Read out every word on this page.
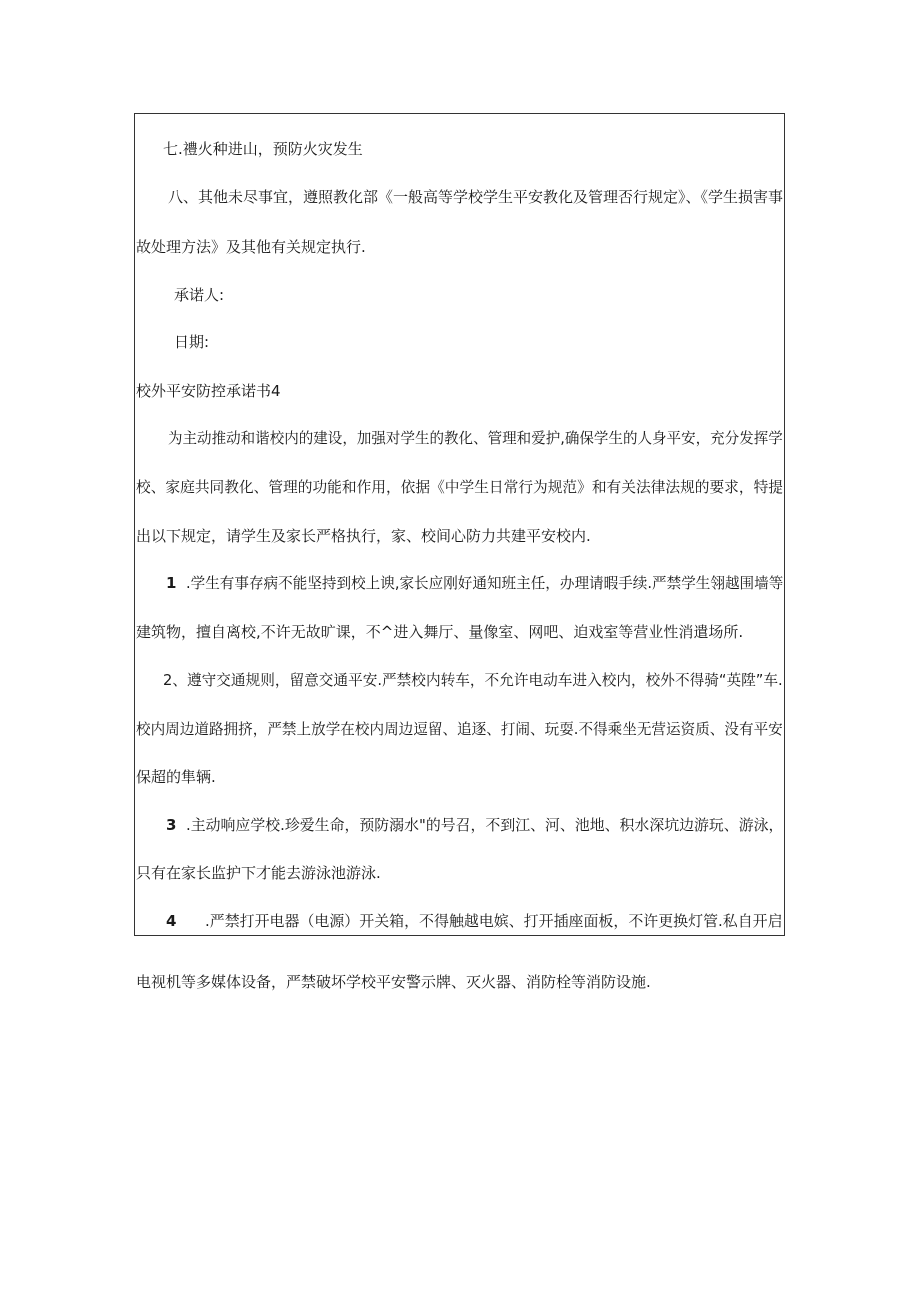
七.禮火种进山，预防火灾发生
八、其他未尽事宜，遵照教化部《一般高等学校学生平安教化及管理否行规定》、《学生损害事
故处理方法》及其他有关规定执行.
承诺人:
日期:
校外平安防控承诺书4
为主动推动和谐校内的建设，加强对学生的教化、管理和爱护,确保学生的人身平安，充分发挥学
校、家庭共同教化、管理的功能和作用，依据《中学生日常行为规范》和有关法律法规的要求，特提
出以下规定，请学生及家长严格执行，家、校间心防力共建平安校内.
1 .学生有事存病不能坚持到校上谀,家长应刚好通知班主任，办理请暇手续.严禁学生翎越围墙等
建筑物，擅自离校,不许无故旷课，不^进入舞厅、量像室、网吧、迫戏室等营业性消遣场所.
2、遵守交通规则，留意交通平安.严禁校内转车，不允许电动车进入校内，校外不得骑“英陞”车.
校内周边道路拥挤，严禁上放学在校内周边逗留、追逐、打闹、玩耍.不得乘坐无营运资质、没有平安
保超的隼辆.
3 .主动响应学校.珍爱生命，预防溺水"的号召，不到江、河、池地、积水深坑边游玩、游泳，
只有在家长监护下才能去游泳池游泳.
4 .严禁打开电器（电源）开关箱，不得触越电嫔、打开插座面板，不许更换灯管.私自开启
电视机等多媒体设备，严禁破坏学校平安警示牌、灭火器、消防栓等消防设施.
